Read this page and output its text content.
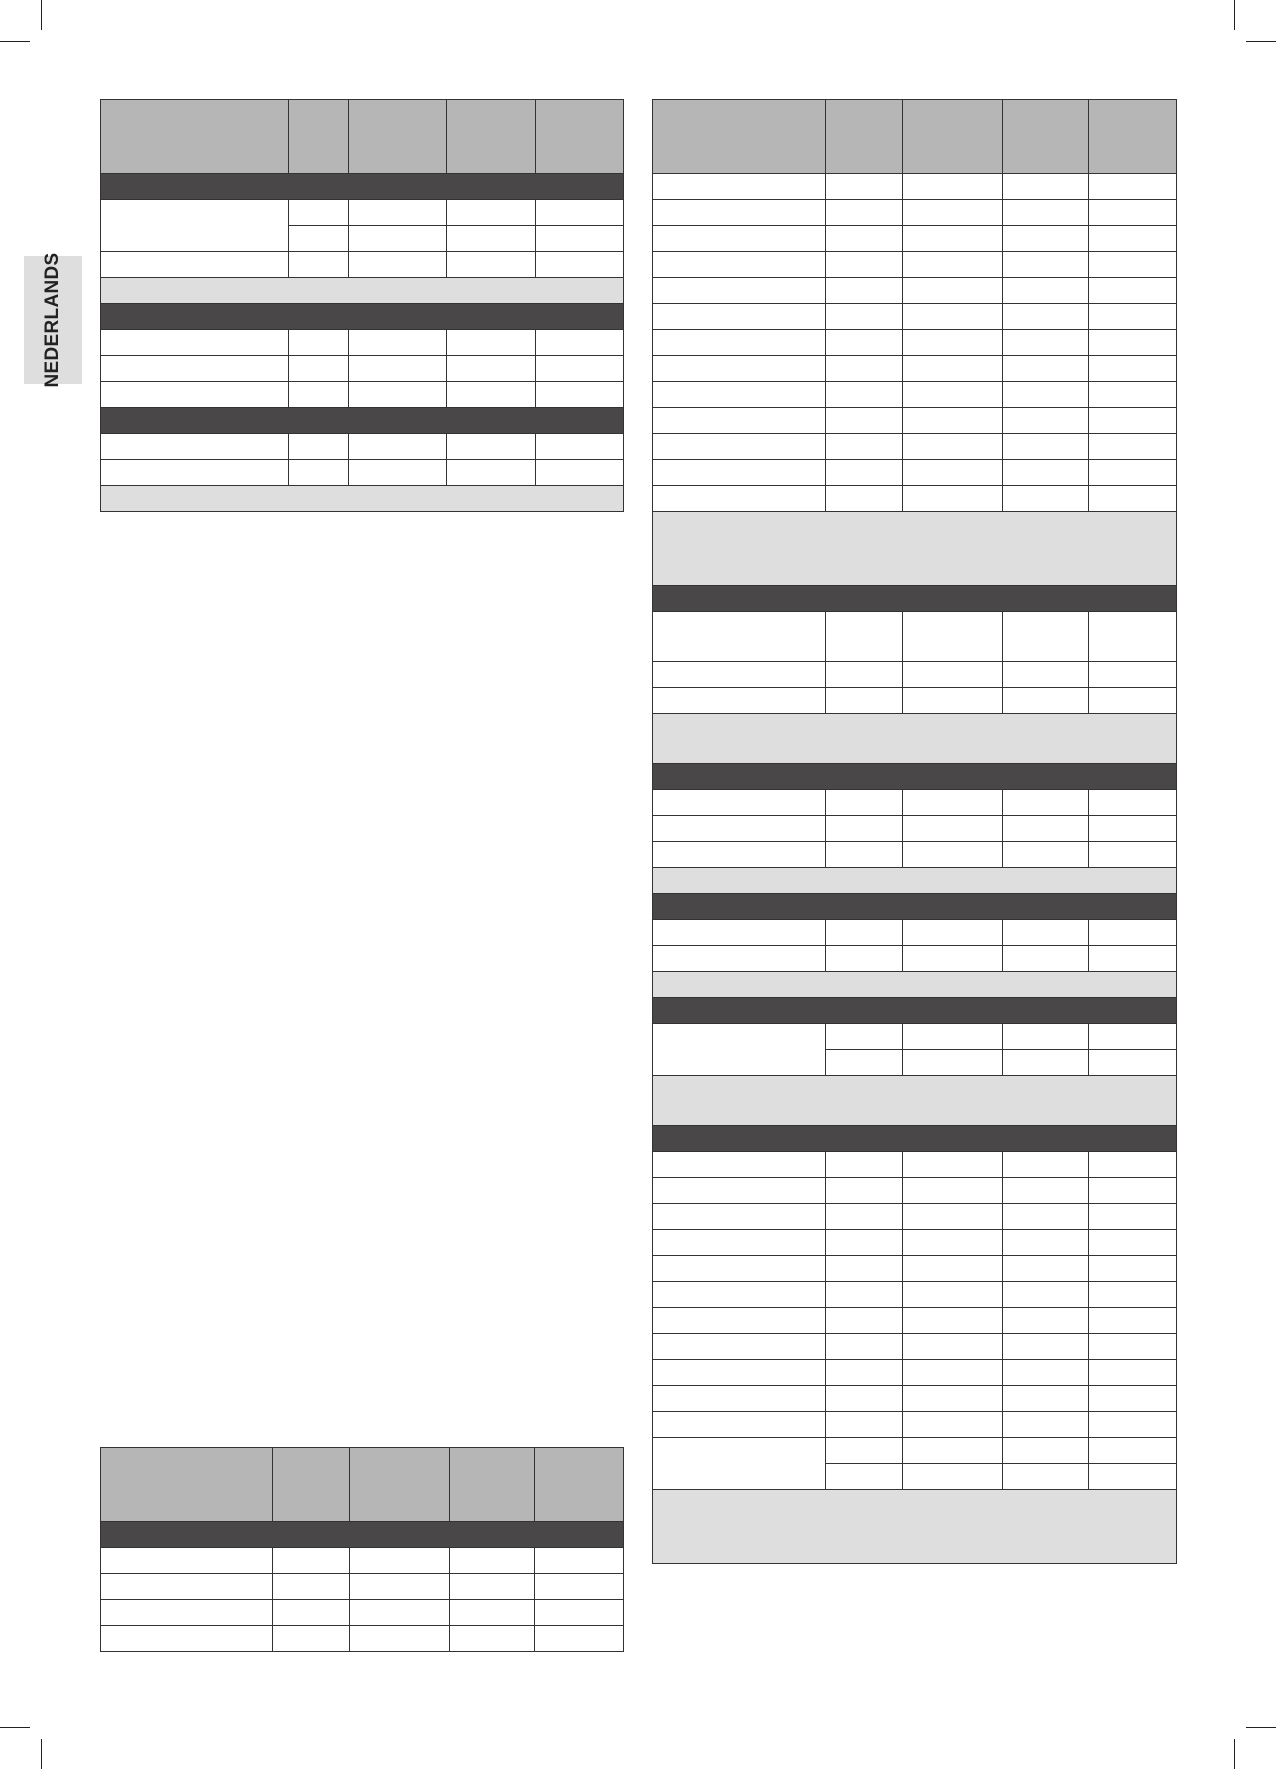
NEDERLANDS
